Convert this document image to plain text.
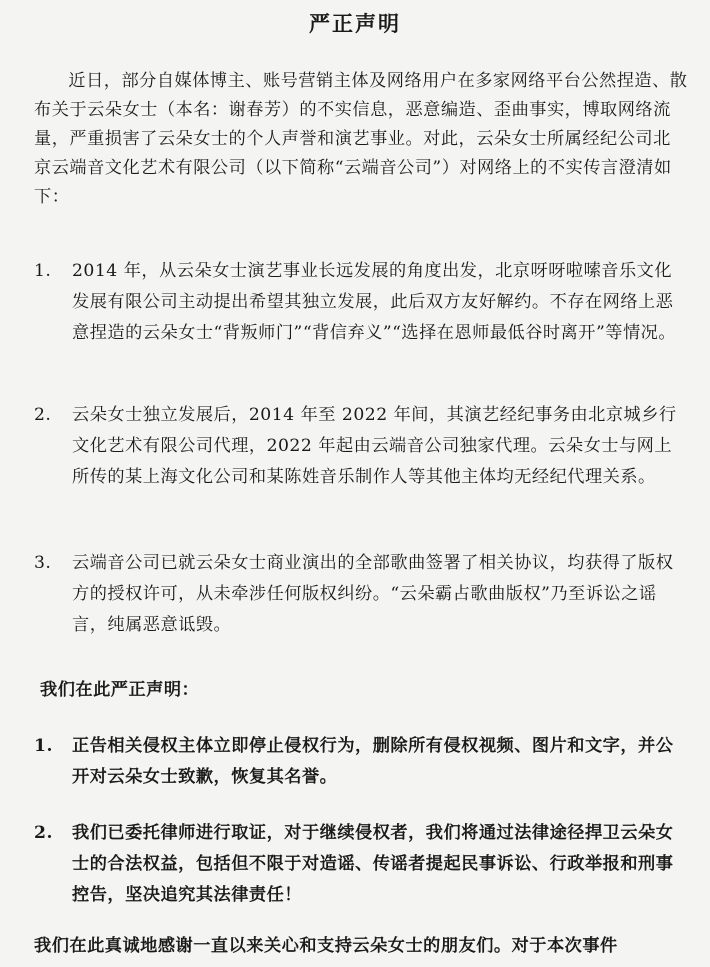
严正声明

近日，部分自媒体博主、账号营销主体及网络用户在多家网络平台公然捏造、散布关于云朵女士（本名：谢春芳）的不实信息，恶意编造、歪曲事实，博取网络流量，严重损害了云朵女士的个人声誉和演艺事业。对此，云朵女士所属经纪公司北京云端音文化艺术有限公司（以下简称“云端音公司”）对网络上的不实传言澄清如下：

1.	2014 年，从云朵女士演艺事业长远发展的角度出发，北京呀呀啦嗦音乐文化发展有限公司主动提出希望其独立发展，此后双方友好解约。不存在网络上恶意捏造的云朵女士“背叛师门”“背信弃义”“选择在恩师最低谷时离开”等情况。
2.	云朵女士独立发展后，2014 年至 2022 年间，其演艺经纪事务由北京城乡行文化艺术有限公司代理，2022 年起由云端音公司独家代理。云朵女士与网上所传的某上海文化公司和某陈姓音乐制作人等其他主体均无经纪代理关系。
3.	云端音公司已就云朵女士商业演出的全部歌曲签署了相关协议，均获得了版权方的授权许可，从未牵涉任何版权纠纷。“云朵霸占歌曲版权”乃至诉讼之谣言，纯属恶意诋毁。
我们在此严正声明：
1.	正告相关侵权主体立即停止侵权行为，删除所有侵权视频、图片和文字，并公开对云朵女士致歉，恢复其名誉。
2.	我们已委托律师进行取证，对于继续侵权者，我们将通过法律途径捍卫云朵女士的合法权益，包括但不限于对造谣、传谣者提起民事诉讼、行政举报和刑事控告，坚决追究其法律责任！
我们在此真诚地感谢一直以来关心和支持云朵女士的朋友们。对于本次事件
